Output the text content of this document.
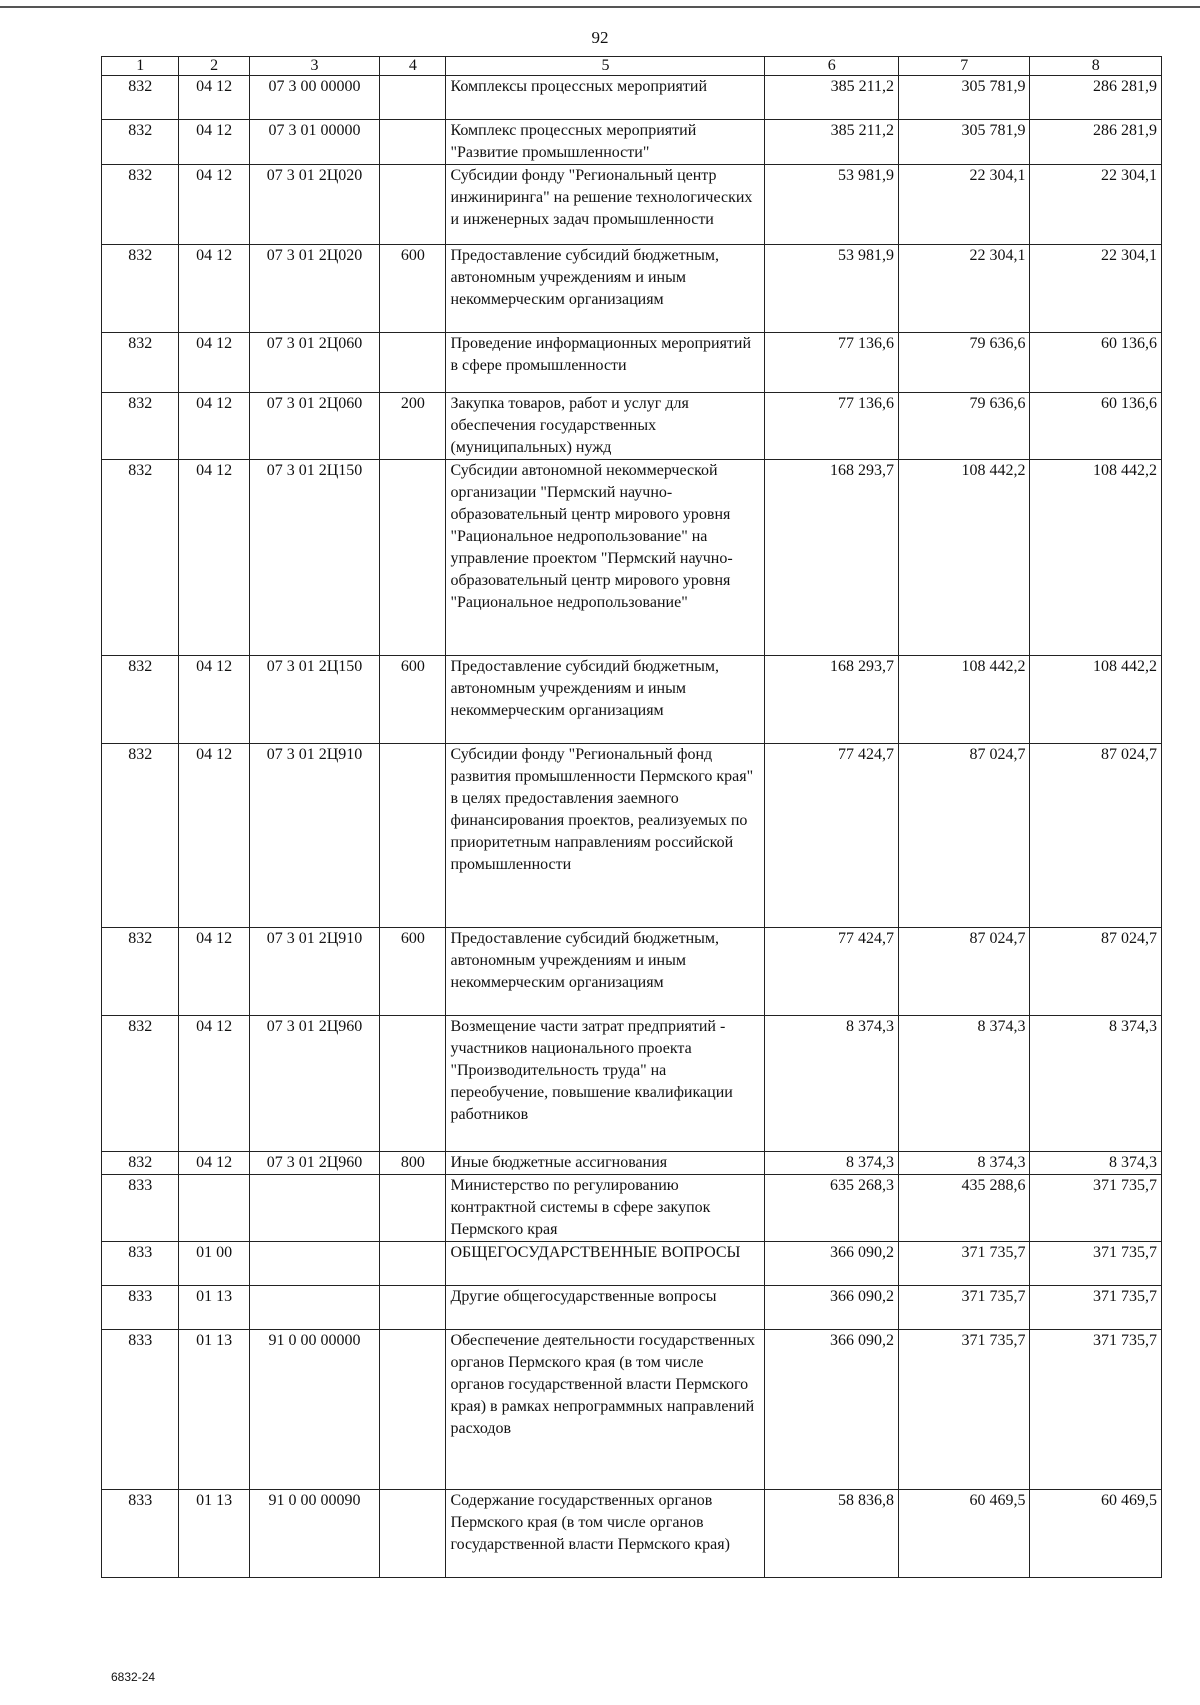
92
1	2	3	4	5	6	7	8
832	04 12	07 3 00 00000		Комплексы процессных мероприятий	385 211,2	305 781,9	286 281,9
832	04 12	07 3 01 00000		Комплекс процессных мероприятий "Развитие промышленности"	385 211,2	305 781,9	286 281,9
832	04 12	07 3 01 2Ц020		Субсидии фонду "Региональный центр инжиниринга" на решение технологических и инженерных задач промышленности	53 981,9	22 304,1	22 304,1
832	04 12	07 3 01 2Ц020	600	Предоставление субсидий бюджетным, автономным учреждениям и иным некоммерческим организациям	53 981,9	22 304,1	22 304,1
832	04 12	07 3 01 2Ц060		Проведение информационных мероприятий в сфере промышленности	77 136,6	79 636,6	60 136,6
832	04 12	07 3 01 2Ц060	200	Закупка товаров, работ и услуг для обеспечения государственных (муниципальных) нужд	77 136,6	79 636,6	60 136,6
832	04 12	07 3 01 2Ц150		Субсидии автономной некоммерческой организации "Пермский научно-образовательный центр мирового уровня "Рациональное недропользование" на управление проектом "Пермский научно-образовательный центр мирового уровня "Рациональное недропользование"	168 293,7	108 442,2	108 442,2
832	04 12	07 3 01 2Ц150	600	Предоставление субсидий бюджетным, автономным учреждениям и иным некоммерческим организациям	168 293,7	108 442,2	108 442,2
832	04 12	07 3 01 2Ц910		Субсидии фонду "Региональный фонд развития промышленности Пермского края" в целях предоставления заемного финансирования проектов, реализуемых по приоритетным направлениям российской промышленности	77 424,7	87 024,7	87 024,7
832	04 12	07 3 01 2Ц910	600	Предоставление субсидий бюджетным, автономным учреждениям и иным некоммерческим организациям	77 424,7	87 024,7	87 024,7
832	04 12	07 3 01 2Ц960		Возмещение части затрат предприятий - участников национального проекта "Производительность труда" на переобучение, повышение квалификации работников	8 374,3	8 374,3	8 374,3
832	04 12	07 3 01 2Ц960	800	Иные бюджетные ассигнования	8 374,3	8 374,3	8 374,3
833				Министерство по регулированию контрактной системы в сфере закупок Пермского края	635 268,3	435 288,6	371 735,7
833	01 00			ОБЩЕГОСУДАРСТВЕННЫЕ ВОПРОСЫ	366 090,2	371 735,7	371 735,7
833	01 13			Другие общегосударственные вопросы	366 090,2	371 735,7	371 735,7
833	01 13	91 0 00 00000		Обеспечение деятельности государственных органов Пермского края (в том числе органов государственной власти Пермского края) в рамках непрограммных направлений расходов	366 090,2	371 735,7	371 735,7
833	01 13	91 0 00 00090		Содержание государственных органов Пермского края (в том числе органов государственной власти Пермского края)	58 836,8	60 469,5	60 469,5
6832-24
